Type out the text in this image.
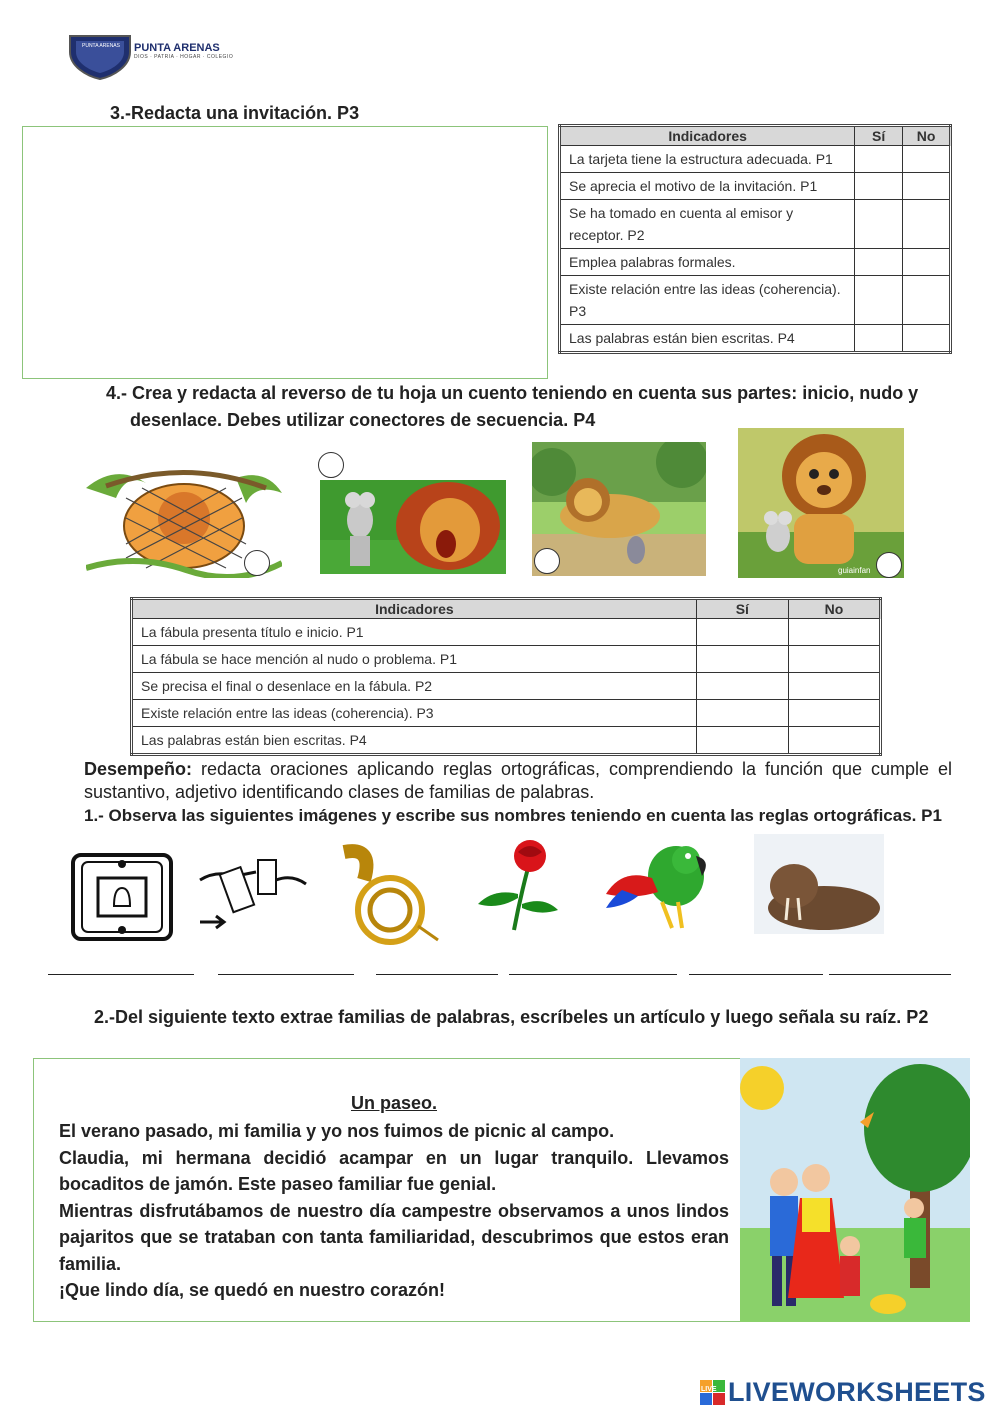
PUNTA ARENAS PUNTA ARENAS
DIOS · PATRIA · HOGAR · COLEGIO
3.-Redacta una invitación. P3
Indicadores	Sí	No
La tarjeta tiene la estructura adecuada. P1		
Se aprecia el motivo de la invitación. P1		
Se ha tomado en cuenta al emisor y receptor. P2		
Emplea palabras formales.		
Existe relación entre las ideas (coherencia). P3		
Las palabras están bien escritas. P4		
4.- Crea y redacta al reverso de tu hoja un cuento teniendo en cuenta sus partes: inicio, nudo y desenlace. Debes utilizar conectores de secuencia. P4
guiainfan
Indicadores	Sí	No
La fábula presenta título e inicio. P1		
La fábula se hace mención al nudo o problema. P1		
Se precisa el final o desenlace en la fábula. P2		
Existe relación entre las ideas (coherencia). P3		
Las palabras están bien escritas. P4		
Desempeño: redacta oraciones aplicando reglas ortográficas, comprendiendo la función que cumple el sustantivo, adjetivo identificando clases de familias de palabras.
1.- Observa las siguientes imágenes y escribe sus nombres teniendo en cuenta las reglas ortográficas. P1
2.-Del siguiente texto extrae familias de palabras, escríbeles un artículo y luego señala su raíz. P2
Un paseo.
El verano pasado, mi familia y yo nos fuimos de picnic al campo.
Claudia, mi hermana decidió acampar en un lugar tranquilo. Llevamos bocaditos de jamón. Este paseo familiar fue genial.
Mientras disfrutábamos de nuestro día campestre observamos a unos lindos pajaritos que se trataban con tanta familiaridad, descubrimos que estos eran familia.
¡Que lindo día, se quedó en nuestro corazón!
LIVE LIVEWORKSHEETS
